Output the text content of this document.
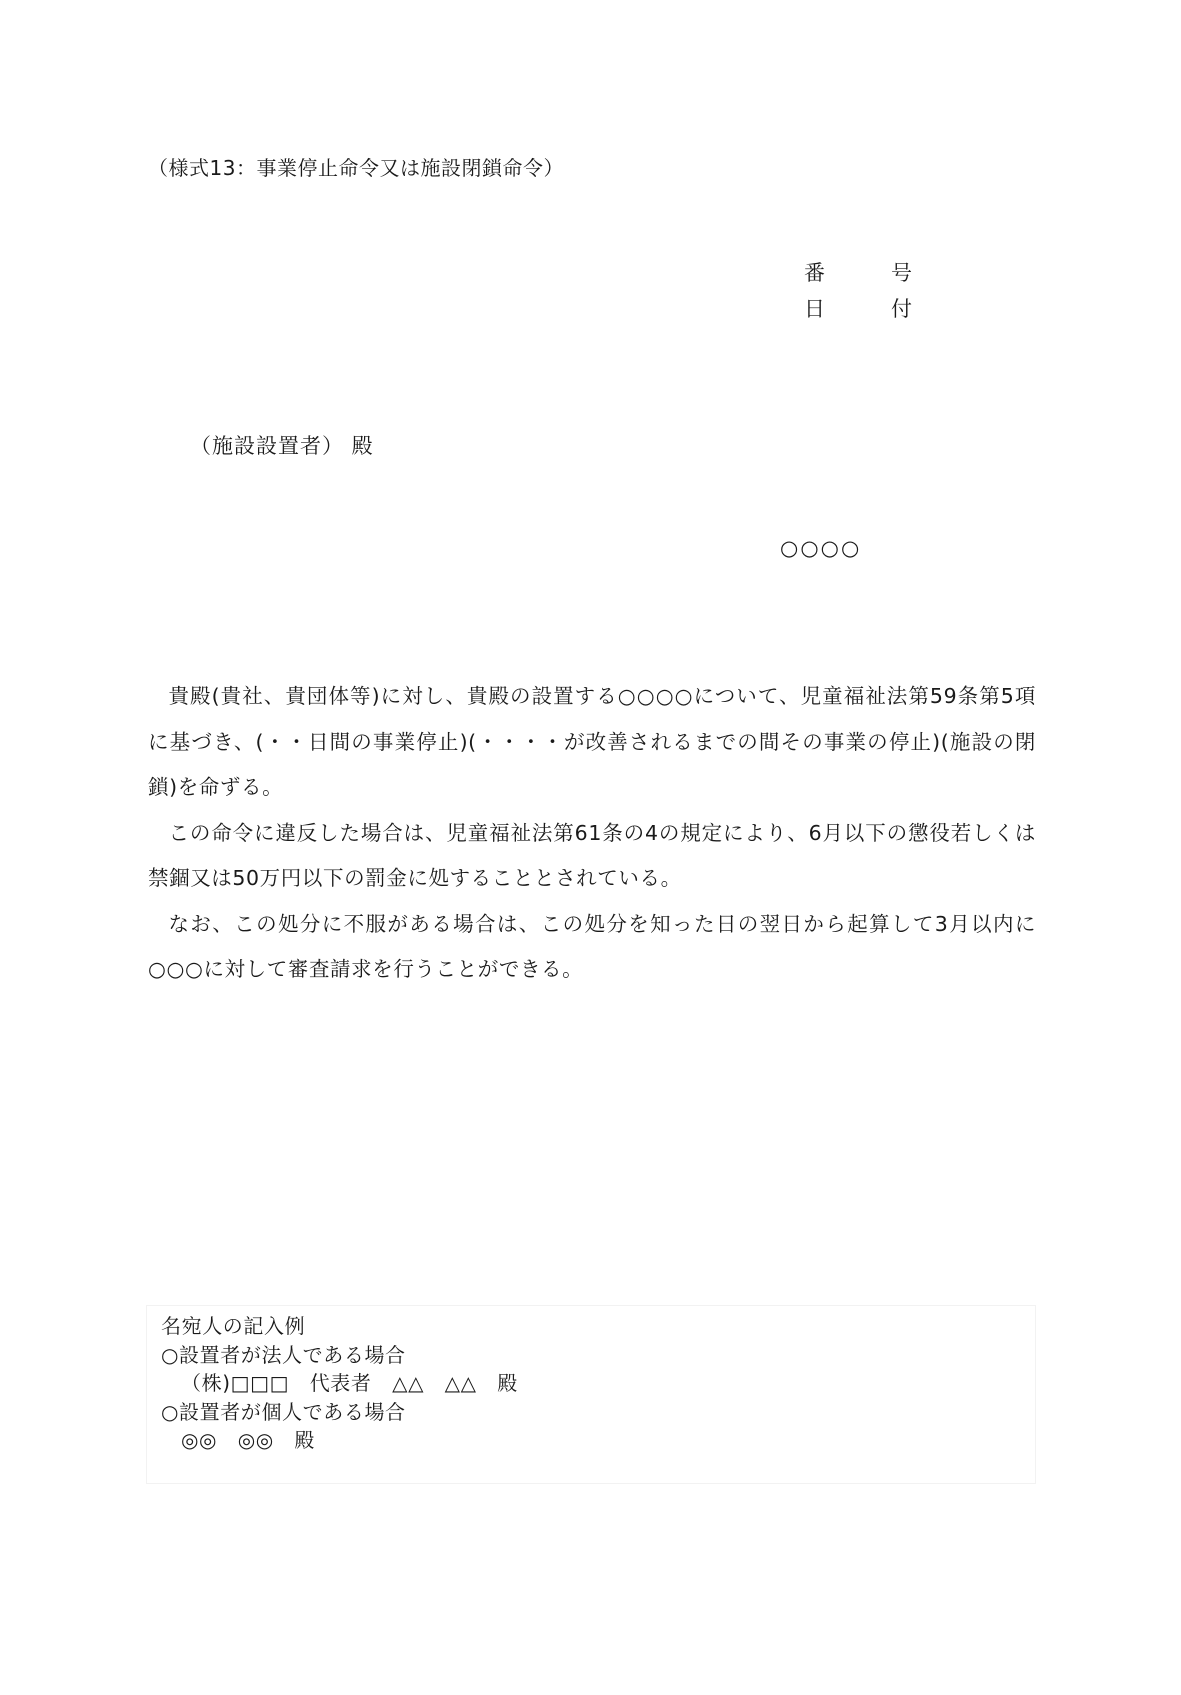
（様式13：事業停止命令又は施設閉鎖命令）
番	号
日	付
（施設設置者） 殿
○○○○

貴殿(貴社、貴団体等)に対し、貴殿の設置する○○○○について、児童福祉法第59条第5項に基づき、(・・日間の事業停止)(・・・・が改善されるまでの間その事業の停止)(施設の閉鎖)を命ずる。

この命令に違反した場合は、児童福祉法第61条の4の規定により、6月以下の懲役若しくは禁錮又は50万円以下の罰金に処することとされている。

なお、この処分に不服がある場合は、この処分を知った日の翌日から起算して3月以内に○○○に対して審査請求を行うことができる。

名宛人の記入例
○設置者が法人である場合
（株)□□□　代表者　△△　△△　殿
○設置者が個人である場合
◎◎　◎◎　殿
